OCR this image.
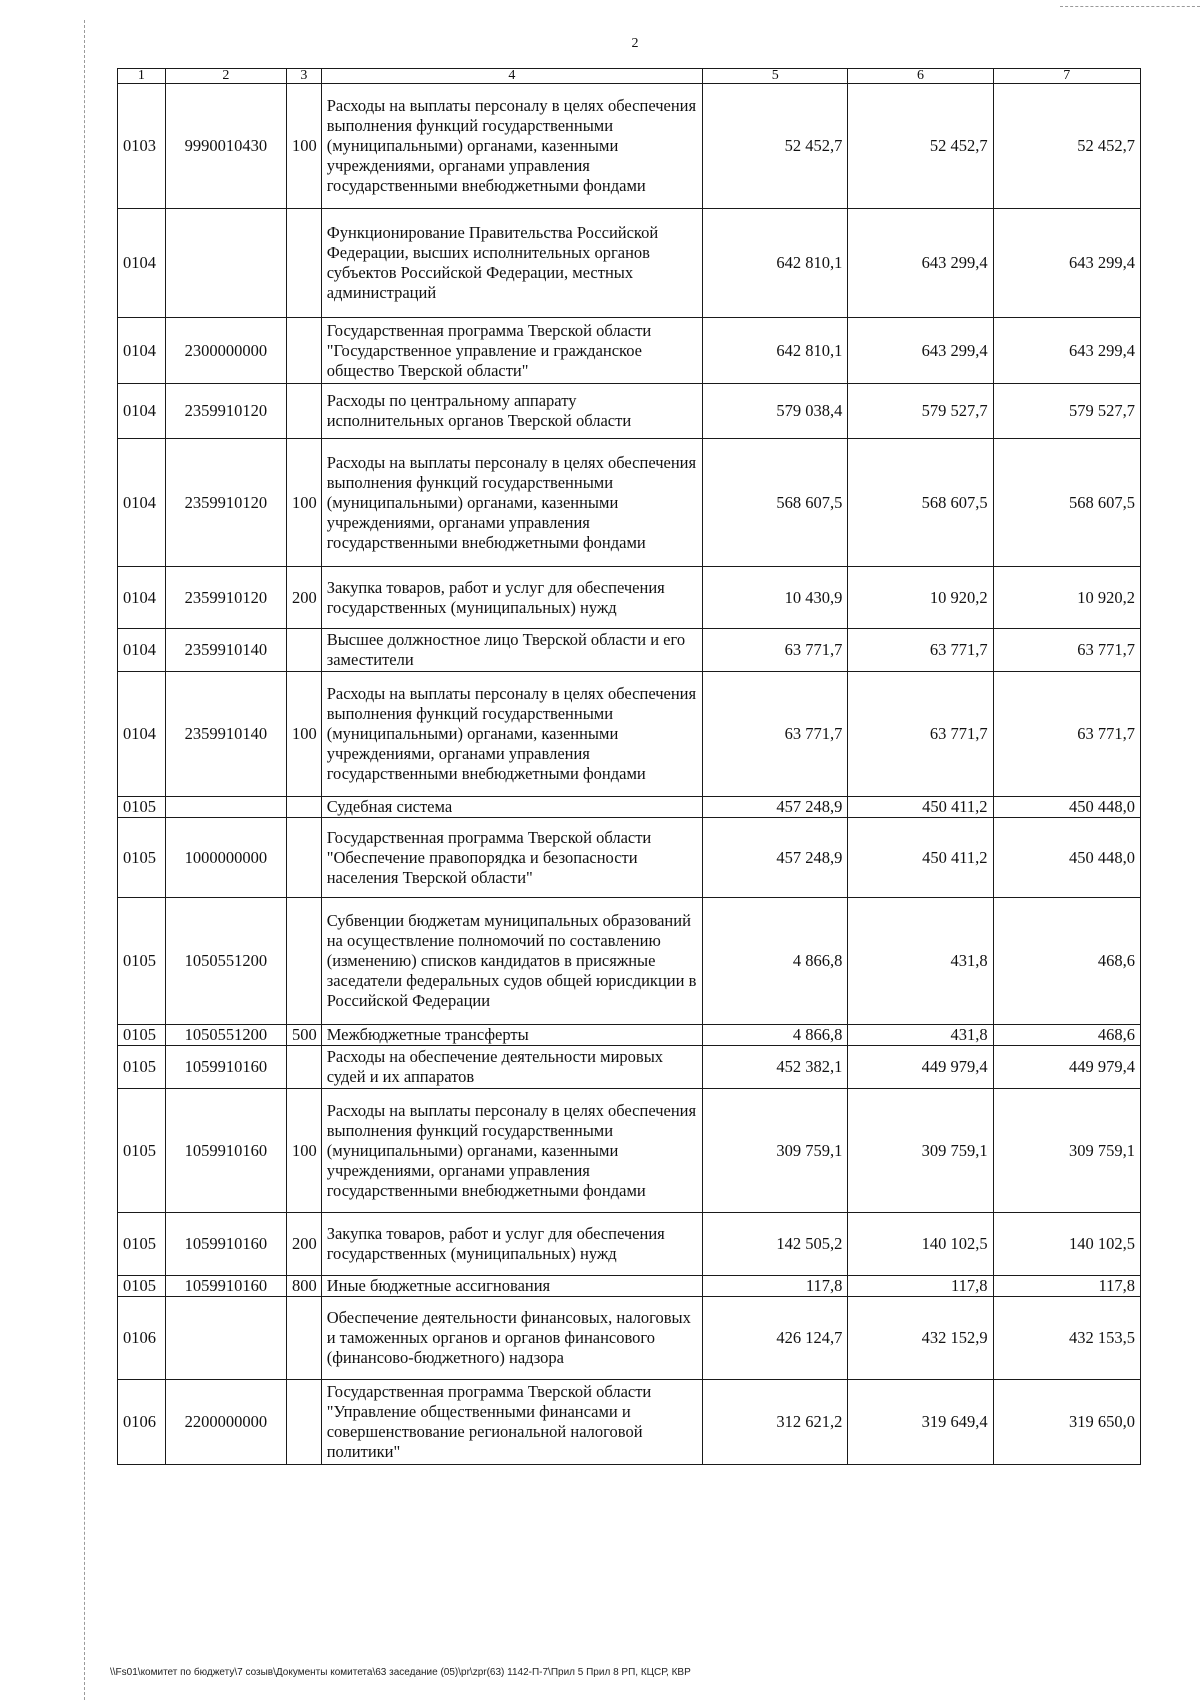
2
1	2	3	4	5	6	7
0103	9990010430	100	Расходы на выплаты персоналу в целях обеспечения выполнения функций государственными (муниципальными) органами, казенными учреждениями, органами управления государственными внебюджетными фондами	52 452,7	52 452,7	52 452,7
0104			Функционирование Правительства Российской Федерации, высших исполнительных органов субъектов Российской Федерации, местных администраций	642 810,1	643 299,4	643 299,4
0104	2300000000		Государственная программа Тверской области "Государственное управление и гражданское общество Тверской области"	642 810,1	643 299,4	643 299,4
0104	2359910120		Расходы по центральному аппарату исполнительных органов Тверской области	579 038,4	579 527,7	579 527,7
0104	2359910120	100	Расходы на выплаты персоналу в целях обеспечения выполнения функций государственными (муниципальными) органами, казенными учреждениями, органами управления государственными внебюджетными фондами	568 607,5	568 607,5	568 607,5
0104	2359910120	200	Закупка товаров, работ и услуг для обеспечения государственных (муниципальных) нужд	10 430,9	10 920,2	10 920,2
0104	2359910140		Высшее должностное лицо Тверской области и его заместители	63 771,7	63 771,7	63 771,7
0104	2359910140	100	Расходы на выплаты персоналу в целях обеспечения выполнения функций государственными (муниципальными) органами, казенными учреждениями, органами управления государственными внебюджетными фондами	63 771,7	63 771,7	63 771,7
0105			Судебная система	457 248,9	450 411,2	450 448,0
0105	1000000000		Государственная программа Тверской области "Обеспечение правопорядка и безопасности населения Тверской области"	457 248,9	450 411,2	450 448,0
0105	1050551200		Субвенции бюджетам муниципальных образований на осуществление полномочий по составлению (изменению) списков кандидатов в присяжные заседатели федеральных судов общей юрисдикции в Российской Федерации	4 866,8	431,8	468,6
0105	1050551200	500	Межбюджетные трансферты	4 866,8	431,8	468,6
0105	1059910160		Расходы на обеспечение деятельности мировых судей и их аппаратов	452 382,1	449 979,4	449 979,4
0105	1059910160	100	Расходы на выплаты персоналу в целях обеспечения выполнения функций государственными (муниципальными) органами, казенными учреждениями, органами управления государственными внебюджетными фондами	309 759,1	309 759,1	309 759,1
0105	1059910160	200	Закупка товаров, работ и услуг для обеспечения государственных (муниципальных) нужд	142 505,2	140 102,5	140 102,5
0105	1059910160	800	Иные бюджетные ассигнования	117,8	117,8	117,8
0106			Обеспечение деятельности финансовых, налоговых и таможенных органов и органов финансового (финансово-бюджетного) надзора	426 124,7	432 152,9	432 153,5
0106	2200000000		Государственная программа Тверской области "Управление общественными финансами и совершенствование региональной налоговой политики"	312 621,2	319 649,4	319 650,0
\\Fs01\комитет по бюджету\7 созыв\Документы комитета\63 заседание (05)\pr\zpr(63) 1142-П-7\Прил 5 Прил 8 РП, КЦСР, КВР
